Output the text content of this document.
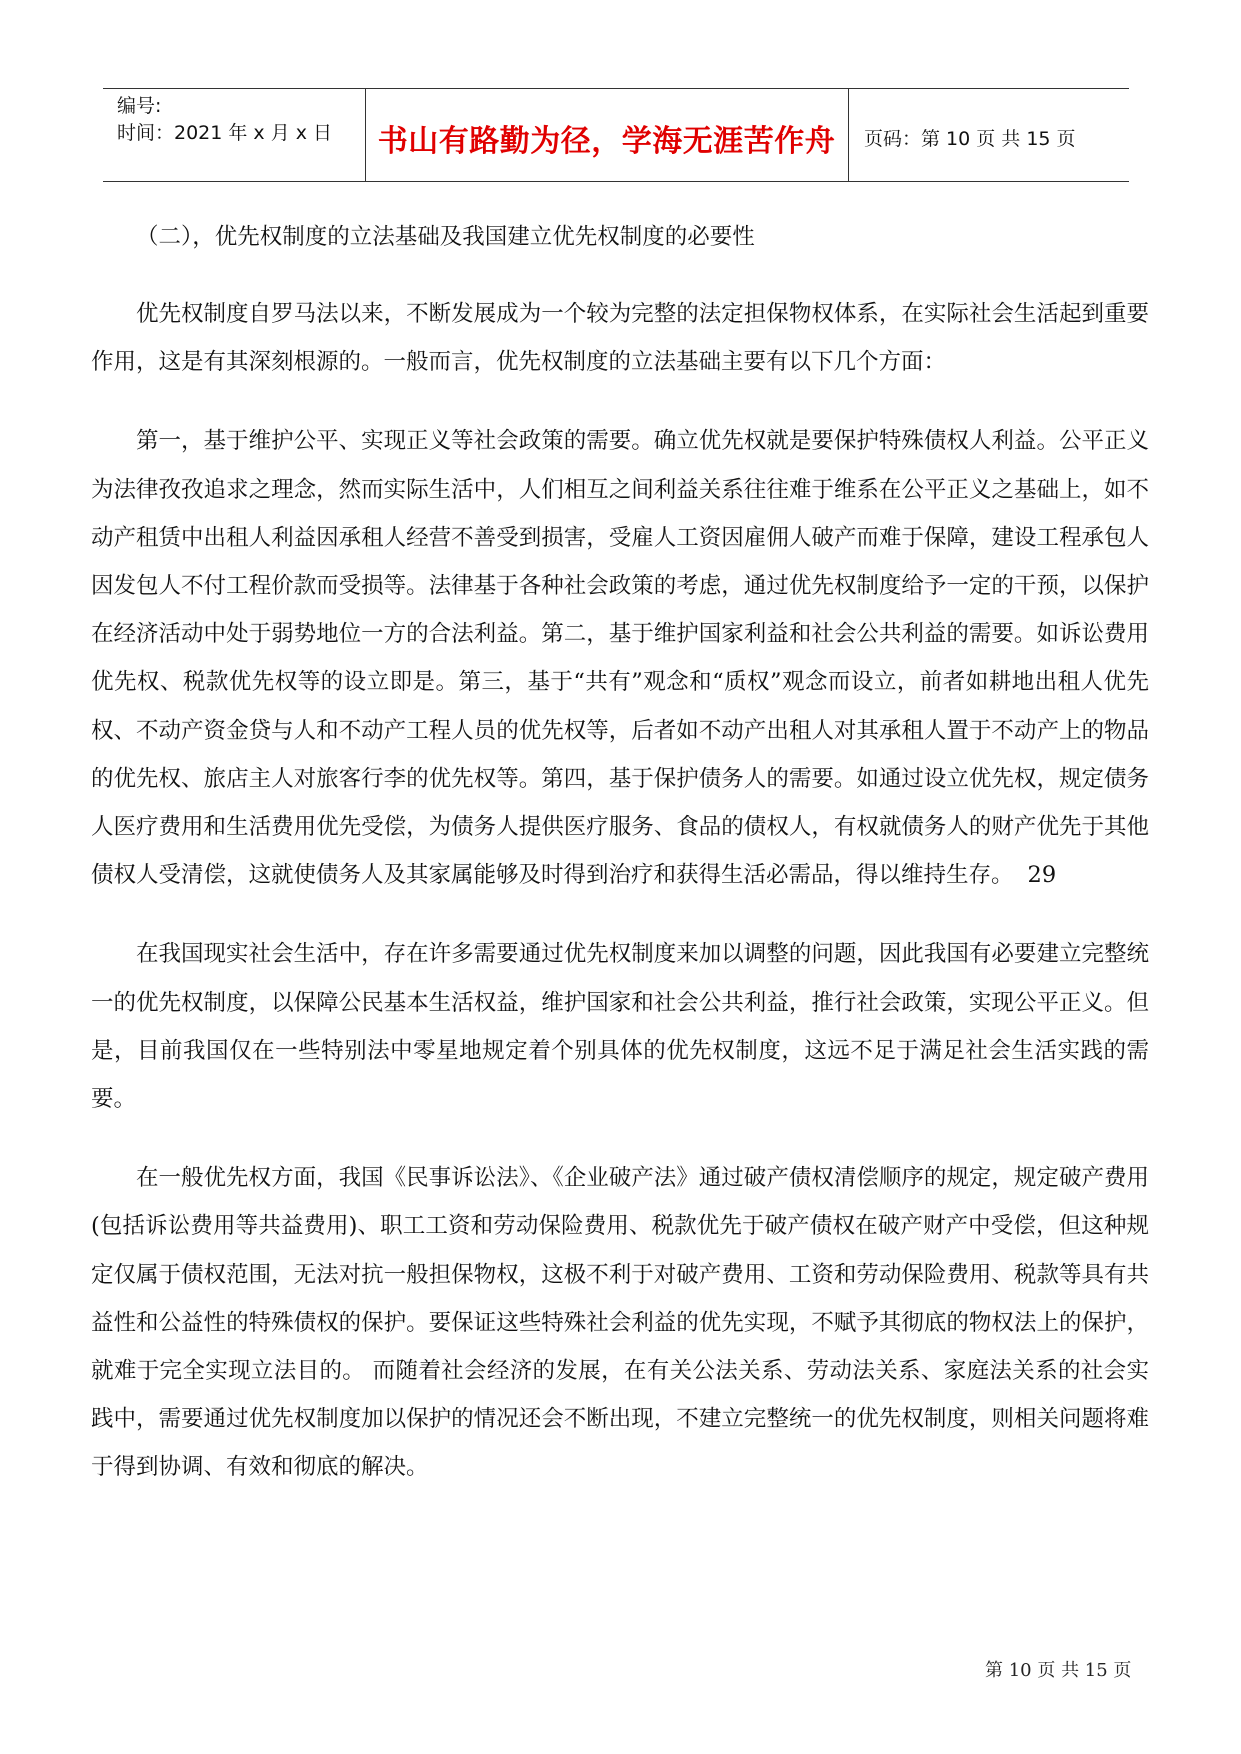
编号:
时间：2021 年 x 月 x 日	书山有路勤为径，学海无涯苦作舟	页码：第 10 页 共 15 页

（二），优先权制度的立法基础及我国建立优先权制度的必要性

优先权制度自罗马法以来，不断发展成为一个较为完整的法定担保物权体系，在实际社会生活起到重要作用，这是有其深刻根源的。一般而言，优先权制度的立法基础主要有以下几个方面：

第一，基于维护公平、实现正义等社会政策的需要。确立优先权就是要保护特殊债权人利益。公平正义为法律孜孜追求之理念，然而实际生活中，人们相互之间利益关系往往难于维系在公平正义之基础上，如不动产租赁中出租人利益因承租人经营不善受到损害，受雇人工资因雇佣人破产而难于保障，建设工程承包人因发包人不付工程价款而受损等。法律基于各种社会政策的考虑，通过优先权制度给予一定的干预，以保护在经济活动中处于弱势地位一方的合法利益。第二，基于维护国家利益和社会公共利益的需要。如诉讼费用优先权、税款优先权等的设立即是。第三，基于“共有”观念和“质权”观念而设立，前者如耕地出租人优先权、不动产资金贷与人和不动产工程人员的优先权等，后者如不动产出租人对其承租人置于不动产上的物品的优先权、旅店主人对旅客行李的优先权等。第四，基于保护债务人的需要。如通过设立优先权，规定债务人医疗费用和生活费用优先受偿，为债务人提供医疗服务、食品的债权人，有权就债务人的财产优先于其他债权人受清偿，这就使债务人及其家属能够及时得到治疗和获得生活必需品，得以维持生存。 29

在我国现实社会生活中，存在许多需要通过优先权制度来加以调整的问题，因此我国有必要建立完整统一的优先权制度，以保障公民基本生活权益，维护国家和社会公共利益，推行社会政策，实现公平正义。但是，目前我国仅在一些特别法中零星地规定着个别具体的优先权制度，这远不足于满足社会生活实践的需要。

在一般优先权方面，我国《民事诉讼法》、《企业破产法》通过破产债权清偿顺序的规定，规定破产费用(包括诉讼费用等共益费用)、职工工资和劳动保险费用、税款优先于破产债权在破产财产中受偿，但这种规定仅属于债权范围，无法对抗一般担保物权，这极不利于对破产费用、工资和劳动保险费用、税款等具有共益性和公益性的特殊债权的保护。要保证这些特殊社会利益的优先实现，不赋予其彻底的物权法上的保护，就难于完全实现立法目的。 而随着社会经济的发展，在有关公法关系、劳动法关系、家庭法关系的社会实践中，需要通过优先权制度加以保护的情况还会不断出现，不建立完整统一的优先权制度，则相关问题将难于得到协调、有效和彻底的解决。

第 10 页 共 15 页
